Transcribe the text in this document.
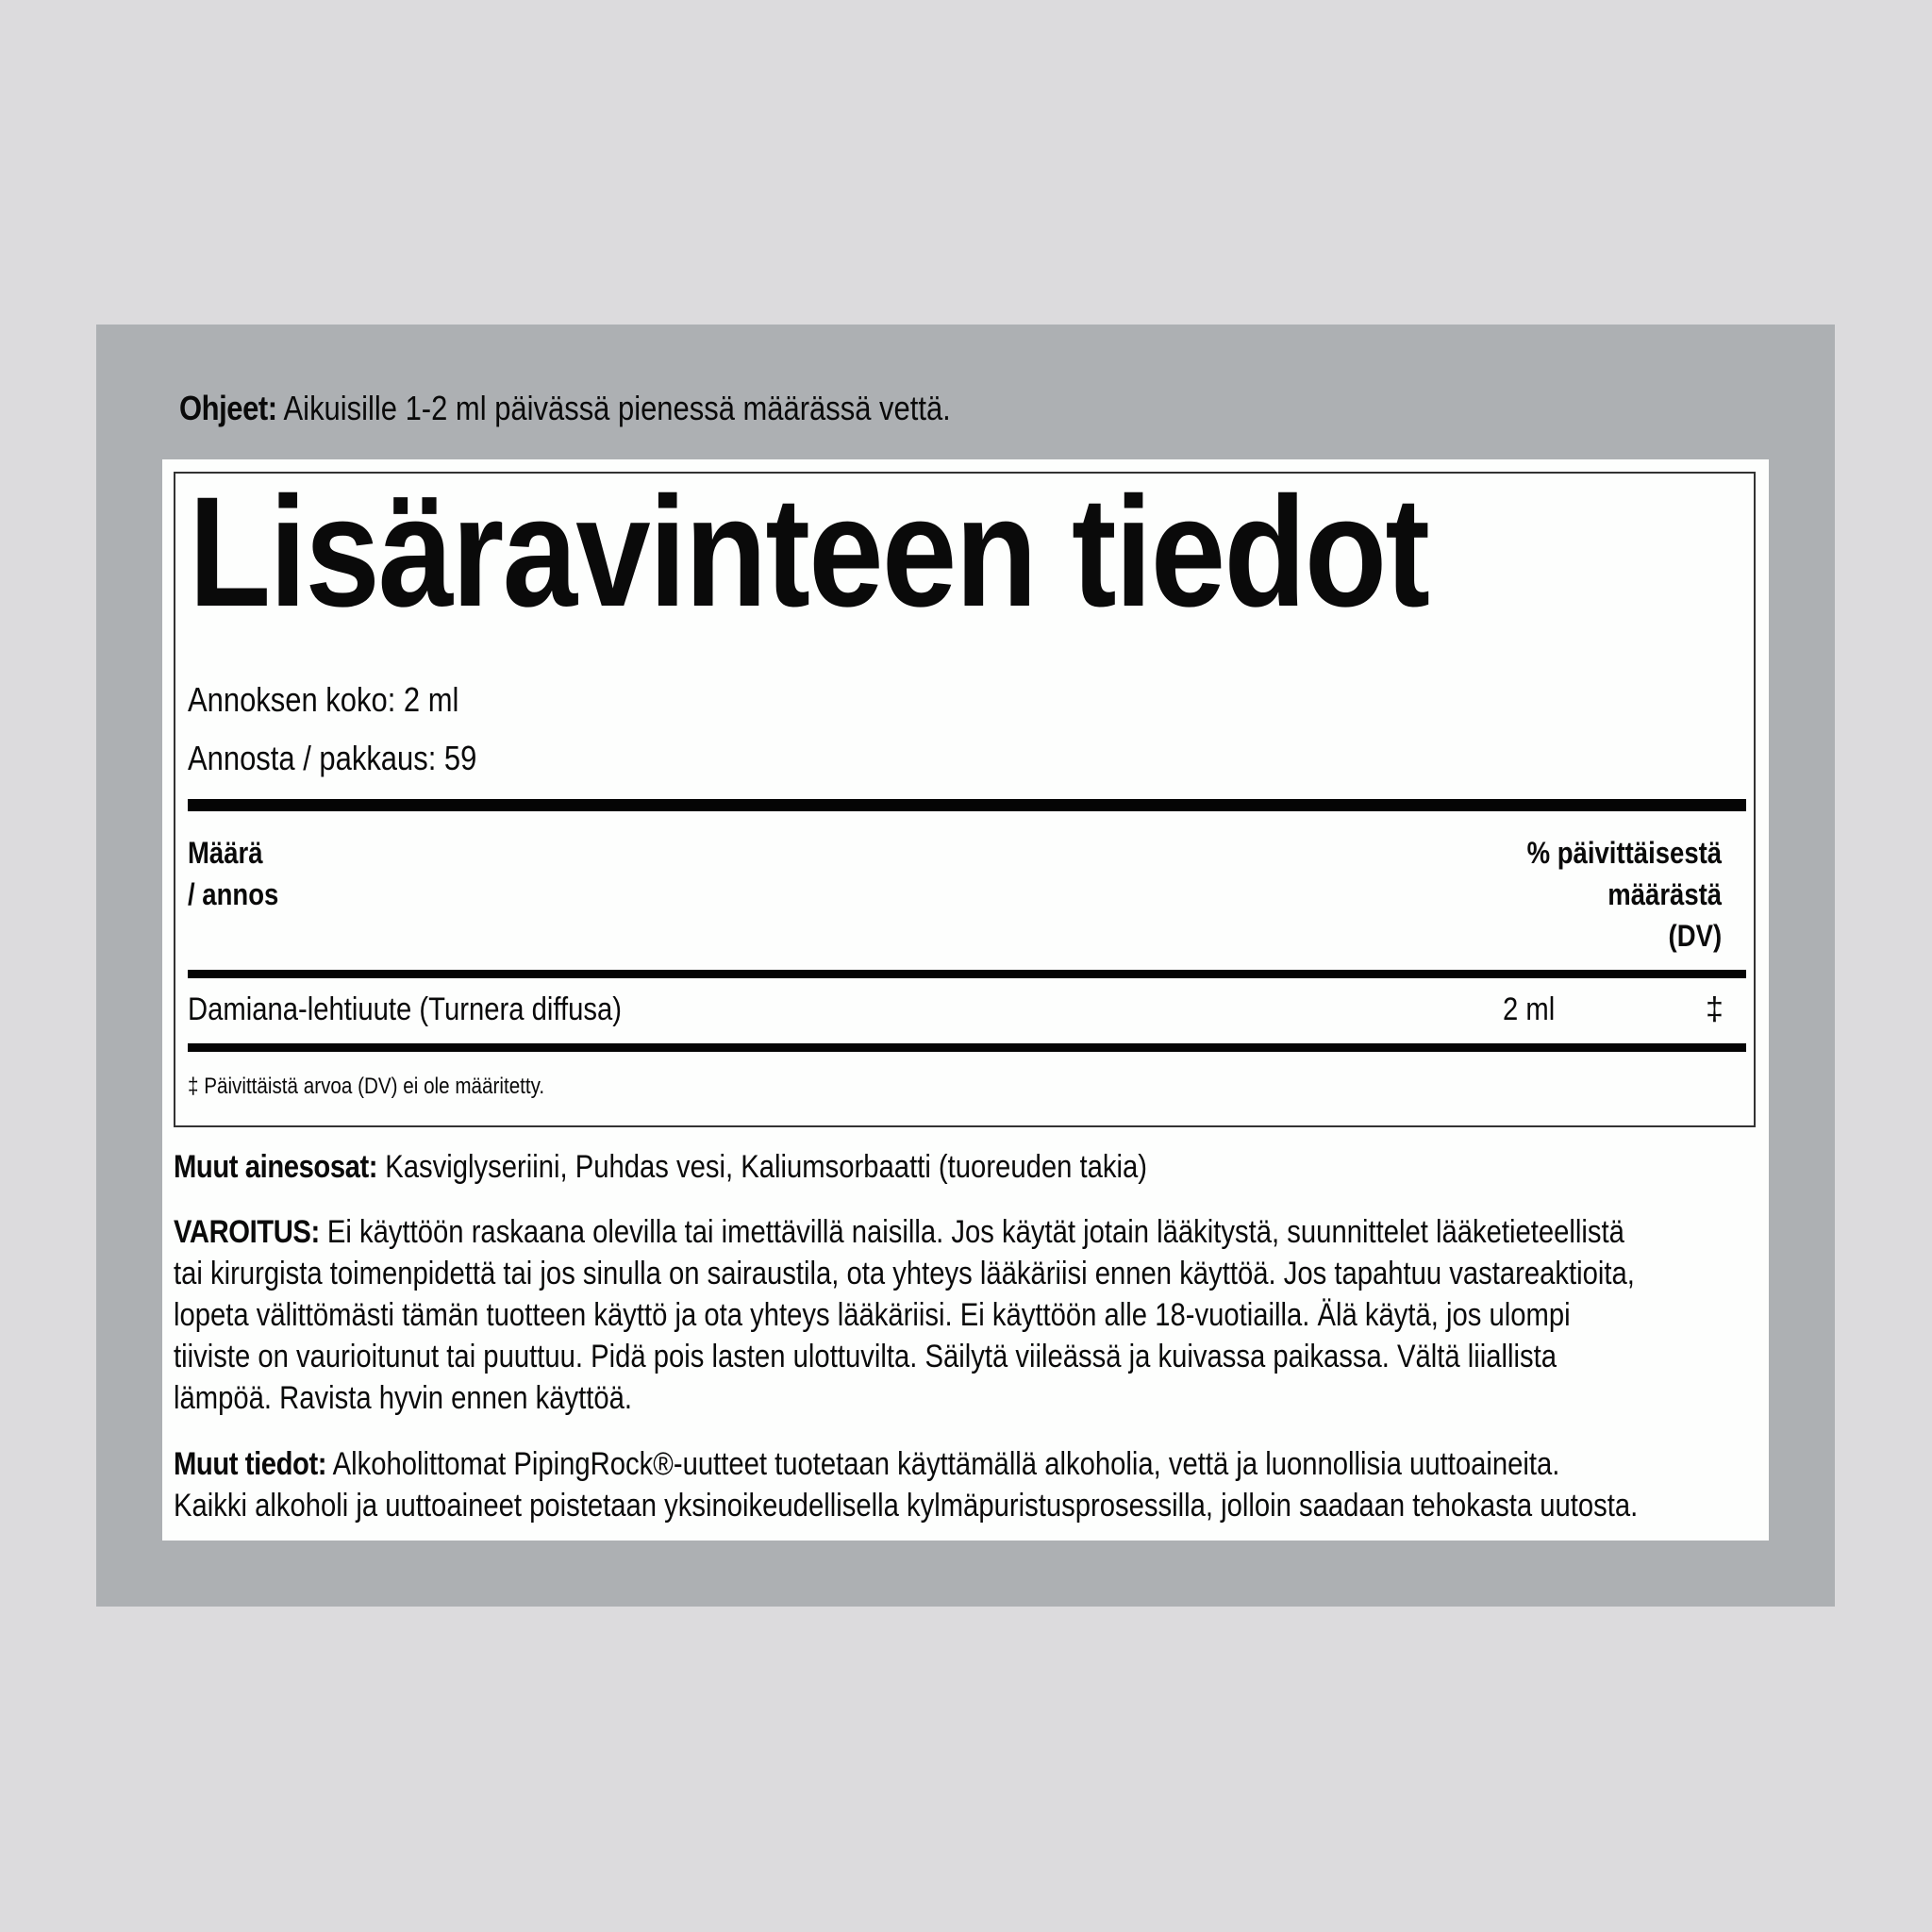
Ohjeet: Aikuisille 1-2 ml päivässä pienessä määrässä vettä.
Lisäravinteen tiedot
Annoksen koko: 2 ml
Määrä
/ annos
% päivittäisestä
määrästä
(DV)
Damiana-lehtiuute (Turnera diffusa)	2 ml	‡
‡ Päivittäistä arvoa (DV) ei ole määritetty.
Annosta / pakkaus: 59
Muut ainesosat: Kasviglyseriini, Puhdas vesi, Kaliumsorbaatti (tuoreuden takia)
VAROITUS: Ei käyttöön raskaana olevilla tai imettävillä naisilla. Jos käytät jotain lääkitystä, suunnittelet lääketieteellistä
tai kirurgista toimenpidettä tai jos sinulla on sairaustila, ota yhteys lääkäriisi ennen käyttöä. Jos tapahtuu vastareaktioita,
lopeta välittömästi tämän tuotteen käyttö ja ota yhteys lääkäriisi. Ei käyttöön alle 18-vuotiailla. Älä käytä, jos ulompi
tiiviste on vaurioitunut tai puuttuu. Pidä pois lasten ulottuvilta. Säilytä viileässä ja kuivassa paikassa. Vältä liiallista
lämpöä. Ravista hyvin ennen käyttöä.
Muut tiedot: Alkoholittomat PipingRock®-uutteet tuotetaan käyttämällä alkoholia, vettä ja luonnollisia uuttoaineita.
Kaikki alkoholi ja uuttoaineet poistetaan yksinoikeudellisella kylmäpuristusprosessilla, jolloin saadaan tehokasta uutosta.
